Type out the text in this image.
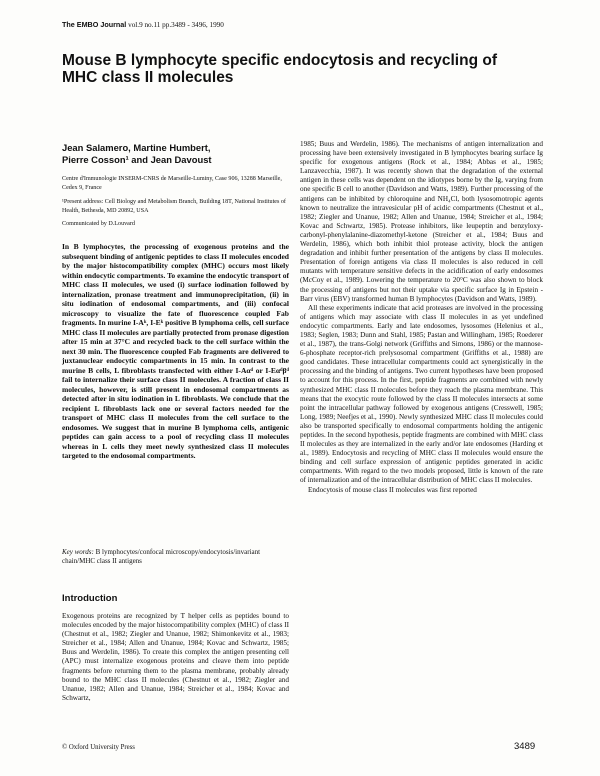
The EMBO Journal vol.9 no.11 pp.3489 - 3496, 1990
Mouse B lymphocyte specific endocytosis and recycling of MHC class II molecules
Jean Salamero, Martine Humbert,
Pierre Cosson¹ and Jean Davoust
Centre d'Immunologie INSERM-CNRS de Marseille-Luminy, Case 906, 13288 Marseille, Cedex 9, France
¹Present address: Cell Biology and Metabolism Branch, Building 18T, National Institutes of Health, Bethesda, MD 20892, USA
Communicated by D.Louvard

In B lymphocytes, the processing of exogenous proteins and the subsequent binding of antigenic peptides to class II molecules encoded by the major histocompatibility complex (MHC) occurs most likely within endocytic compartments. To examine the endocytic transport of MHC class II molecules, we used (i) surface iodination followed by internalization, pronase treatment and immunoprecipitation, (ii) in situ iodination of endosomal compartments, and (iii) confocal microscopy to visualize the fate of fluorescence coupled Fab fragments. In murine I-Aᵏ, I-Eᵏ positive B lymphoma cells, cell surface MHC class II molecules are partially protected from pronase digestion after 15 min at 37°C and recycled back to the cell surface within the next 30 min. The fluorescence coupled Fab fragments are delivered to juxtanuclear endocytic compartments in 15 min. In contrast to the murine B cells, L fibroblasts transfected with either I-Aαᵈ or I-Eαᵈβᵈ fail to internalize their surface class II molecules. A fraction of class II molecules, however, is still present in endosomal compartments as detected after in situ iodination in L fibroblasts. We conclude that the recipient L fibroblasts lack one or several factors needed for the transport of MHC class II molecules from the cell surface to the endosomes. We suggest that in murine B lymphoma cells, antigenic peptides can gain access to a pool of recycling class II molecules whereas in L cells they meet newly synthesized class II molecules targeted to the endosomal compartments.

Key words: B lymphocytes/confocal microscopy/endocytosis/invariant chain/MHC class II antigens

Introduction

Exogenous proteins are recognized by T helper cells as peptides bound to molecules encoded by the major histocompatibility complex (MHC) of class II (Chestnut et al., 1982; Ziegler and Unanue, 1982; Shimonkevitz et al., 1983; Streicher et al., 1984; Allen and Unanue, 1984; Kovac and Schwartz, 1985; Buus and Werdelin, 1986). To create this complex the antigen presenting cell (APC) must internalize exogenous proteins and cleave them into peptide fragments before returning them to the plasma membrane, probably already bound to the MHC class II molecules (Chestnut et al., 1982; Ziegler and Unanue, 1982; Allen and Unanue, 1984; Streicher et al., 1984; Kovac and Schwartz,

© Oxford University Press

1985; Buus and Werdelin, 1986). The mechanisms of antigen internalization and processing have been extensively investigated in B lymphocytes bearing surface Ig specific for exogenous antigens (Rock et al., 1984; Abbas et al., 1985; Lanzavecchia, 1987). It was recently shown that the degradation of the external antigen in these cells was dependent on the idiotypes borne by the Ig, varying from one specific B cell to another (Davidson and Watts, 1989). Further processing of the antigens can be inhibited by chloroquine and NH₄Cl, both lysosomotropic agents known to neutralize the intravesicular pH of acidic compartments (Chestnut et al., 1982; Ziegler and Unanue, 1982; Allen and Unanue, 1984; Streicher et al., 1984; Kovac and Schwartz, 1985). Protease inhibitors, like leupeptin and benzyloxy-carbonyl-phenylalanine-diazomethyl-ketone (Streicher et al., 1984; Buus and Werdelin, 1986), which both inhibit thiol protease activity, block the antigen degradation and inhibit further presentation of the antigens by class II molecules. Presentation of foreign antigens via class II molecules is also reduced in cell mutants with temperature sensitive defects in the acidification of early endosomes (McCoy et al., 1989). Lowering the temperature to 20°C was also shown to block the processing of antigens but not their uptake via specific surface Ig in Epstein - Barr virus (EBV) transformed human B lymphocytes (Davidson and Watts, 1989).

All these experiments indicate that acid proteases are involved in the processing of antigens which may associate with class II molecules in as yet undefined endocytic compartments. Early and late endosomes, lysosomes (Helenius et al., 1983; Seglen, 1983; Dunn and Stahl, 1985; Pastan and Willingham, 1985; Roederer et al., 1987), the trans-Golgi network (Griffiths and Simons, 1986) or the mannose-6-phosphate receptor-rich prelysosomal compartment (Griffiths et al., 1988) are good candidates. These intracellular compartments could act synergistically in the processing and the binding of antigens. Two current hypotheses have been proposed to account for this process. In the first, peptide fragments are combined with newly synthesized MHC class II molecules before they reach the plasma membrane. This means that the exocytic route followed by the class II molecules intersects at some point the intracellular pathway followed by exogenous antigens (Cresswell, 1985; Long, 1989; Neefjes et al., 1990). Newly synthesized MHC class II molecules could also be transported specifically to endosomal compartments holding the antigenic peptides. In the second hypothesis, peptide fragments are combined with MHC class II molecules as they are internalized in the early and/or late endosomes (Harding et al., 1989). Endocytosis and recycling of MHC class II molecules would ensure the binding and cell surface expression of antigenic peptides generated in acidic compartments. With regard to the two models proposed, little is known of the rate of internalization and of the intracellular distribution of MHC class II molecules.

Endocytosis of mouse class II molecules was first reported

3489
